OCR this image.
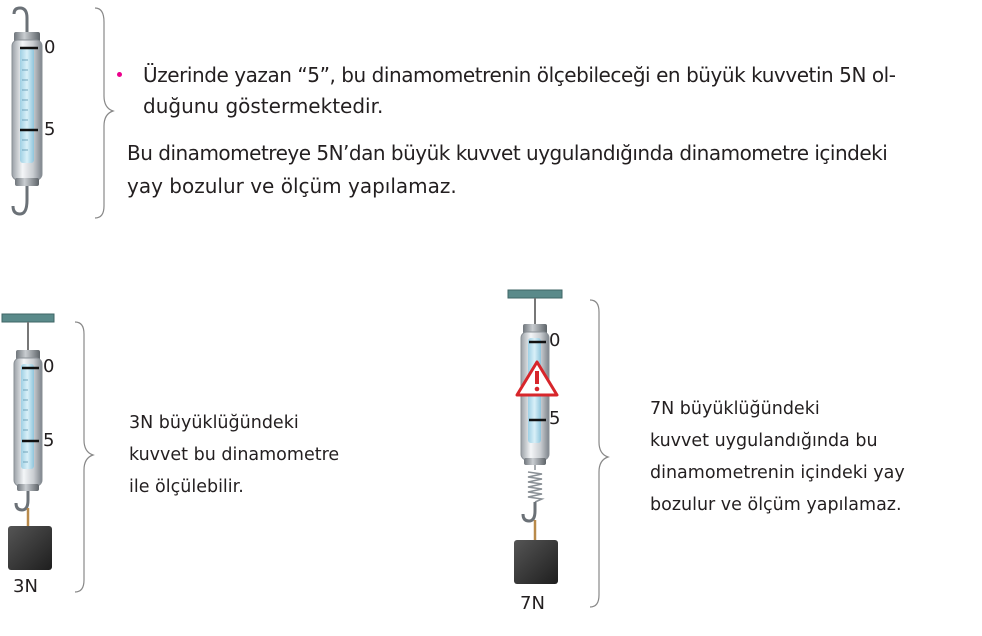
0
5
0
5
0
5
3N
7N
Üzerinde yazan “5”, bu dinamometrenin ölçebileceği en büyük kuvvetin 5N ol-
duğunu göstermektedir.
Bu dinamometreye 5N’dan büyük kuvvet uygulandığında dinamometre içindeki
yay bozulur ve ölçüm yapılamaz.
3N büyüklüğündeki
kuvvet bu dinamometre
ile ölçülebilir.
7N büyüklüğündeki
kuvvet uygulandığında bu
dinamometrenin içindeki yay
bozulur ve ölçüm yapılamaz.
